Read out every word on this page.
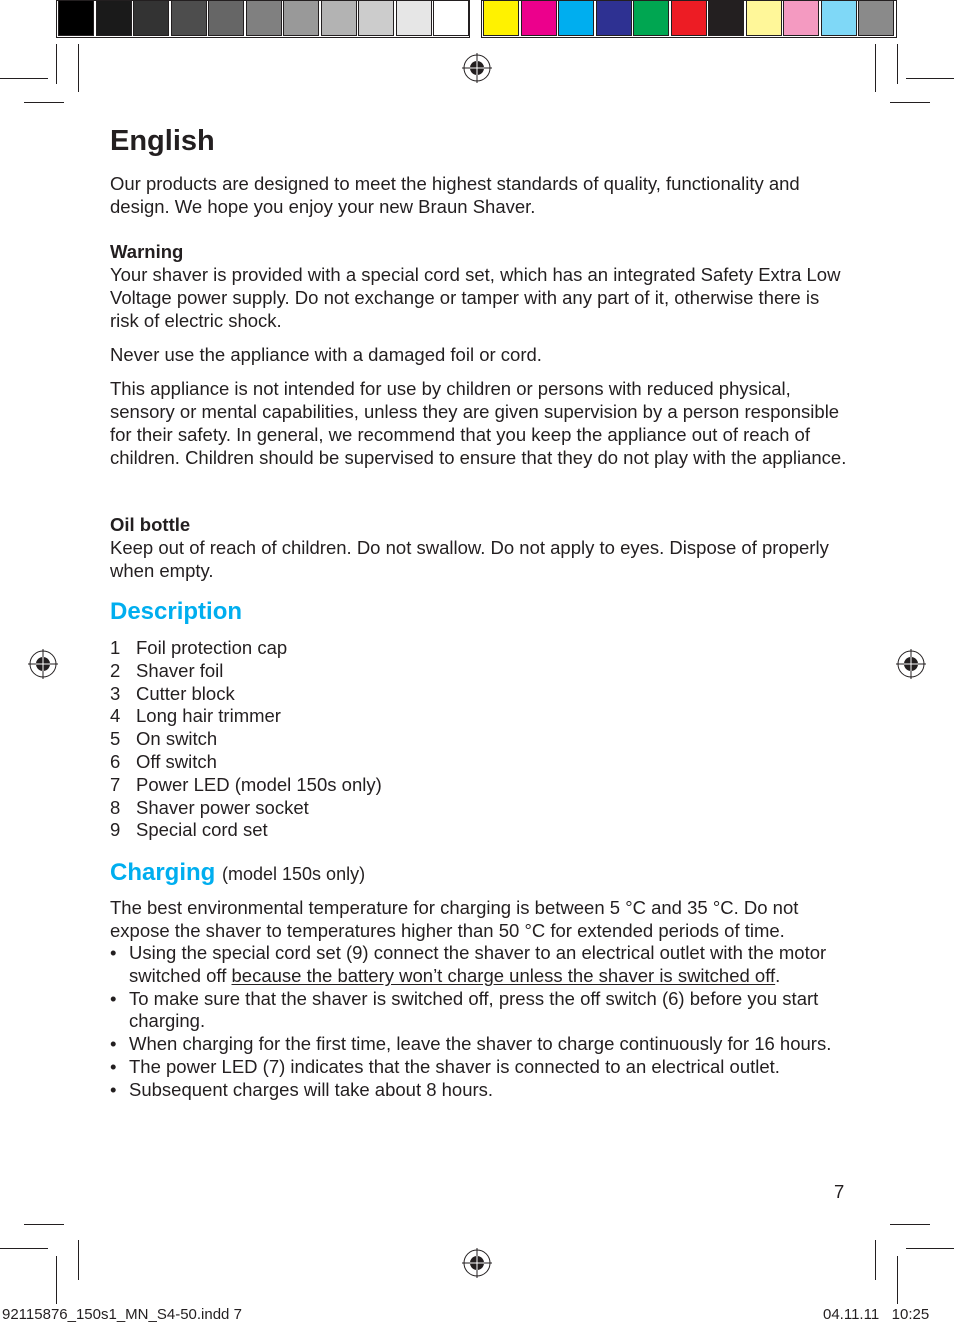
English

Our products are designed to meet the highest standards of quality, functionality and design. We hope you enjoy your new Braun Shaver.

Warning

Your shaver is provided with a special cord set, which has an integrated Safety Extra Low Voltage power supply. Do not exchange or tamper with any part of it, otherwise there is risk of electric shock.

Never use the appliance with a damaged foil or cord.

This appliance is not intended for use by children or persons with reduced physical, sensory or mental capabilities, unless they are given supervision by a person responsible for their safety. In general, we recommend that you keep the appliance out of reach of children. Children should be supervised to ensure that they do not play with the appliance.

Oil bottle

Keep out of reach of children. Do not swallow. Do not apply to eyes. Dispose of properly when empty.

Description
1 Foil protection cap
2 Shaver foil
3 Cutter block
4 Long hair trimmer
5 On switch
6 Off switch
7 Power LED (model 150s only)
8 Shaver power socket
9 Special cord set
Charging (model 150s only)

The best environmental temperature for charging is between 5 °C and 35 °C. Do not expose the shaver to temperatures higher than 50 °C for extended periods of time.

• Using the special cord set (9) connect the shaver to an electrical outlet with the motor switched off because the battery won’t charge unless the shaver is switched off.
• To make sure that the shaver is switched off, press the off switch (6) before you start charging.
• When charging for the first time, leave the shaver to charge continuously for 16 hours.
• The power LED (7) indicates that the shaver is connected to an electrical outlet.
• Subsequent charges will take about 8 hours.
7
92115876_150s1_MN_S4-50.indd 7	04.11.11   10:25
